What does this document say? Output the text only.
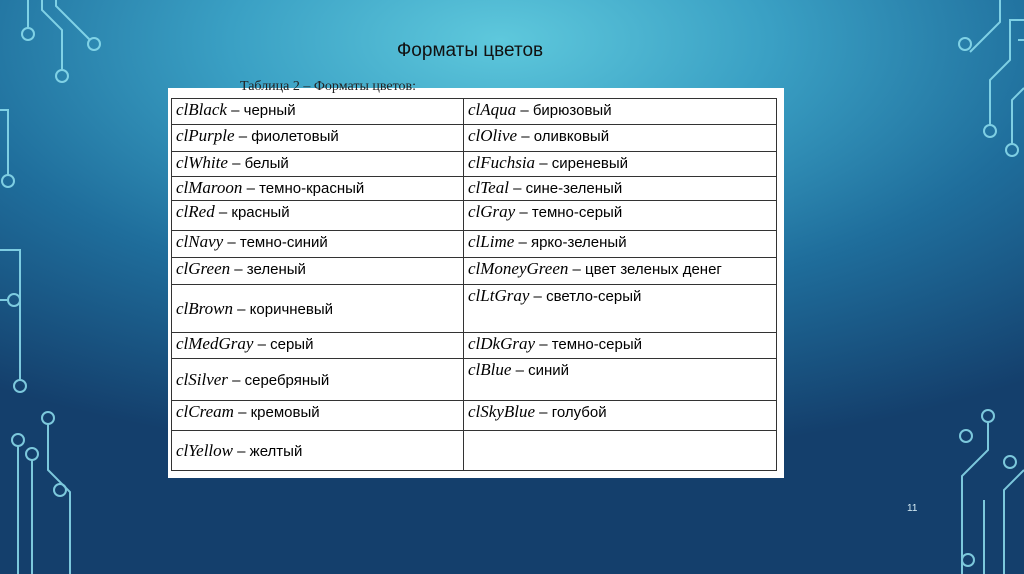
Форматы цветов
Таблица 2 – Форматы цветов:
clBlack – черный	clAqua – бирюзовый
clPurple – фиолетовый	clOlive – оливковый
clWhite – белый	clFuchsia – сиреневый
clMaroon – темно-красный	clTeal – сине-зеленый
clRed – красный	clGray – темно-серый
clNavy – темно-синий	clLime – ярко-зеленый
clGreen – зеленый	clMoneyGreen – цвет зеленых денег
clBrown – коричневый	clLtGray – светло-серый
clMedGray – серый	clDkGray – темно-серый
clSilver – серебряный	clBlue – синий
clCream – кремовый	clSkyBlue – голубой
clYellow – желтый	
11
